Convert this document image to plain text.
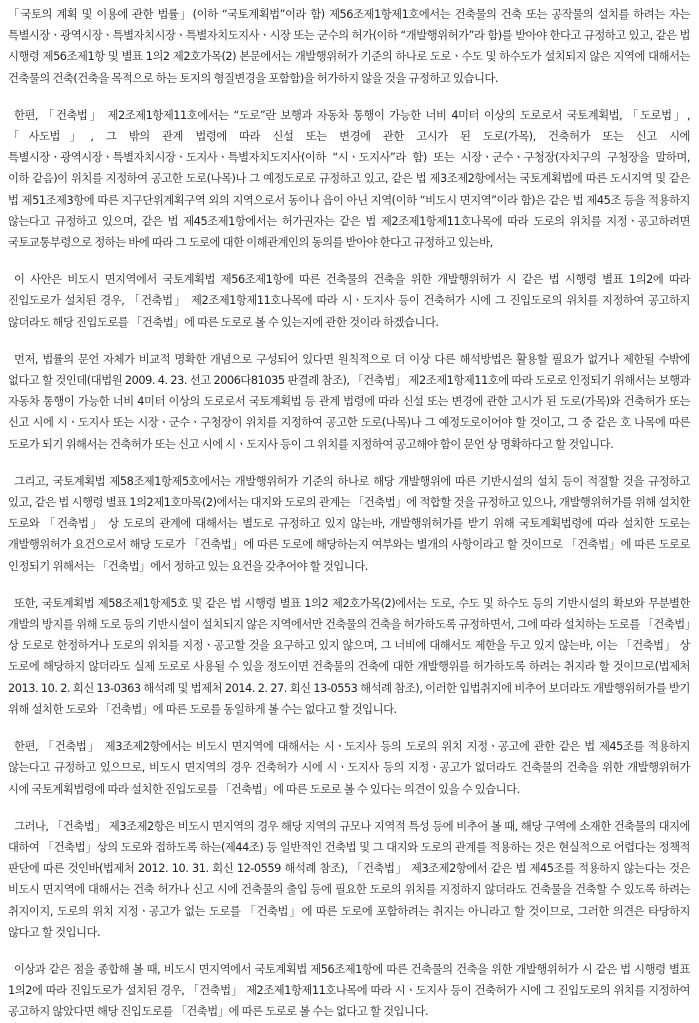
「국토의 계획 및 이용에 관한 법률」(이하 “국토계획법”이라 함) 제56조제1항제1호에서는 건축물의 건축 또는 공작물의 설치를 하려는 자는 특별시장ㆍ광역시장ㆍ특별자치시장ㆍ특별자치도지사ㆍ시장 또는 군수의 허가(이하 “개발행위허가”라 함)를 받아야 한다고 규정하고 있고, 같은 법 시행령 제56조제1항 및 별표 1의2 제2호가목(2) 본문에서는 개발행위허가 기준의 하나로 도로ㆍ수도 및 하수도가 설치되지 않은 지역에 대해서는 건축물의 건축(건축을 목적으로 하는 토지의 형질변경을 포함함)을 허가하지 않을 것을 규정하고 있습니다.

한편, 「건축법」 제2조제1항제11호에서는 “도로”란 보행과 자동차 통행이 가능한 너비 4미터 이상의 도로로서 국토계획법, 「도로법」, 「사도법」, 그 밖의 관계 법령에 따라 신설 또는 변경에 관한 고시가 된 도로(가목), 건축허가 또는 신고 시에 특별시장ㆍ광역시장ㆍ특별자치시장ㆍ도지사ㆍ특별자치도지사(이하 “시ㆍ도지사”라 함) 또는 시장ㆍ군수ㆍ구청장(자치구의 구청장을 말하며, 이하 같음)이 위치를 지정하여 공고한 도로(나목)나 그 예정도로로 규정하고 있고, 같은 법 제3조제2항에서는 국토계획법에 따른 도시지역 및 같은 법 제51조제3항에 따른 지구단위계획구역 외의 지역으로서 동이나 읍이 아닌 지역(이하 “비도시 면지역”이라 함)은 같은 법 제45조 등을 적용하지 않는다고 규정하고 있으며, 같은 법 제45조제1항에서는 허가권자는 같은 법 제2조제1항제11호나목에 따라 도로의 위치를 지정ㆍ공고하려면 국토교통부령으로 정하는 바에 따라 그 도로에 대한 이해관계인의 동의를 받아야 한다고 규정하고 있는바,

이 사안은 비도시 면지역에서 국토계획법 제56조제1항에 따른 건축물의 건축을 위한 개발행위허가 시 같은 법 시행령 별표 1의2에 따라 진입도로가 설치된 경우, 「건축법」 제2조제1항제11호나목에 따라 시ㆍ도지사 등이 건축허가 시에 그 진입도로의 위치를 지정하여 공고하지 않더라도 해당 진입도로를 「건축법」에 따른 도로로 볼 수 있는지에 관한 것이라 하겠습니다.

먼저, 법률의 문언 자체가 비교적 명확한 개념으로 구성되어 있다면 원칙적으로 더 이상 다른 해석방법은 활용할 필요가 없거나 제한될 수밖에 없다고 할 것인데(대법원 2009. 4. 23. 선고 2006다81035 판결례 참조), 「건축법」 제2조제1항제11호에 따라 도로로 인정되기 위해서는 보행과 자동차 통행이 가능한 너비 4미터 이상의 도로로서 국토계획법 등 관계 법령에 따라 신설 또는 변경에 관한 고시가 된 도로(가목)와 건축허가 또는 신고 시에 시ㆍ도지사 또는 시장ㆍ군수ㆍ구청장이 위치를 지정하여 공고한 도로(나목)나 그 예정도로이어야 할 것이고, 그 중 같은 호 나목에 따른 도로가 되기 위해서는 건축허가 또는 신고 시에 시ㆍ도지사 등이 그 위치를 지정하여 공고해야 함이 문언 상 명확하다고 할 것입니다.

그리고, 국토계획법 제58조제1항제5호에서는 개발행위허가 기준의 하나로 해당 개발행위에 따른 기반시설의 설치 등이 적절할 것을 규정하고 있고, 같은 법 시행령 별표 1의2제1호마목(2)에서는 대지와 도로의 관계는 「건축법」에 적합할 것을 규정하고 있으나, 개발행위허가를 위해 설치한 도로와 「건축법」 상 도로의 관계에 대해서는 별도로 규정하고 있지 않는바, 개발행위허가를 받기 위해 국토계획법령에 따라 설치한 도로는 개발행위허가 요건으로서 해당 도로가 「건축법」에 따른 도로에 해당하는지 여부와는 별개의 사항이라고 할 것이므로 「건축법」에 따른 도로로 인정되기 위해서는 「건축법」에서 정하고 있는 요건을 갖추어야 할 것입니다.

또한, 국토계획법 제58조제1항제5호 및 같은 법 시행령 별표 1의2 제2호가목(2)에서는 도로, 수도 및 하수도 등의 기반시설의 확보와 무분별한 개발의 방지를 위해 도로 등의 기반시설이 설치되지 않은 지역에서만 건축물의 건축을 허가하도록 규정하면서, 그에 따라 설치하는 도로를 「건축법」상 도로로 한정하거나 도로의 위치를 지정ㆍ공고할 것을 요구하고 있지 않으며, 그 너비에 대해서도 제한을 두고 있지 않는바, 이는 「건축법」 상 도로에 해당하지 않더라도 실제 도로로 사용될 수 있을 정도이면 건축물의 건축에 대한 개발행위를 허가하도록 하려는 취지라 할 것이므로(법제처 2013. 10. 2. 회신 13-0363 해석례 및 법제처 2014. 2. 27. 회신 13-0553 해석례 참조), 이러한 입법취지에 비추어 보더라도 개발행위허가를 받기 위해 설치한 도로와 「건축법」에 따른 도로를 동일하게 볼 수는 없다고 할 것입니다.

한편, 「건축법」 제3조제2항에서는 비도시 면지역에 대해서는 시ㆍ도지사 등의 도로의 위치 지정ㆍ공고에 관한 같은 법 제45조를 적용하지 않는다고 규정하고 있으므로, 비도시 면지역의 경우 건축허가 시에 시ㆍ도지사 등의 지정ㆍ공고가 없더라도 건축물의 건축을 위한 개발행위허가 시에 국토계획법령에 따라 설치한 진입도로를 「건축법」에 따른 도로로 볼 수 있다는 의견이 있을 수 있습니다.

그러나, 「건축법」 제3조제2항은 비도시 면지역의 경우 해당 지역의 규모나 지역적 특성 등에 비추어 볼 때, 해당 구역에 소재한 건축물의 대지에 대하여 「건축법」상의 도로와 접하도록 하는(제44조) 등 일반적인 건축법 및 그 대지와 도로의 관계를 적용하는 것은 현실적으로 어렵다는 정책적 판단에 따른 것인바(법제처 2012. 10. 31. 회신 12-0559 해석례 참조), 「건축법」 제3조제2항에서 같은 법 제45조를 적용하지 않는다는 것은 비도시 면지역에 대해서는 건축 허가나 신고 시에 건축물의 출입 등에 필요한 도로의 위치를 지정하지 않더라도 건축물을 건축할 수 있도록 하려는 취지이지, 도로의 위치 지정ㆍ공고가 없는 도로를 「건축법」에 따른 도로에 포함하려는 취지는 아니라고 할 것이므로, 그러한 의견은 타당하지 않다고 할 것입니다.

이상과 같은 점을 종합해 볼 때, 비도시 면지역에서 국토계획법 제56조제1항에 따른 건축물의 건축을 위한 개발행위허가 시 같은 법 시행령 별표 1의2에 따라 진입도로가 설치된 경우, 「건축법」 제2조제1항제11호나목에 따라 시ㆍ도지사 등이 건축허가 시에 그 진입도로의 위치를 지정하여 공고하지 않았다면 해당 진입도로를 「건축법」에 따른 도로로 볼 수는 없다고 할 것입니다.
